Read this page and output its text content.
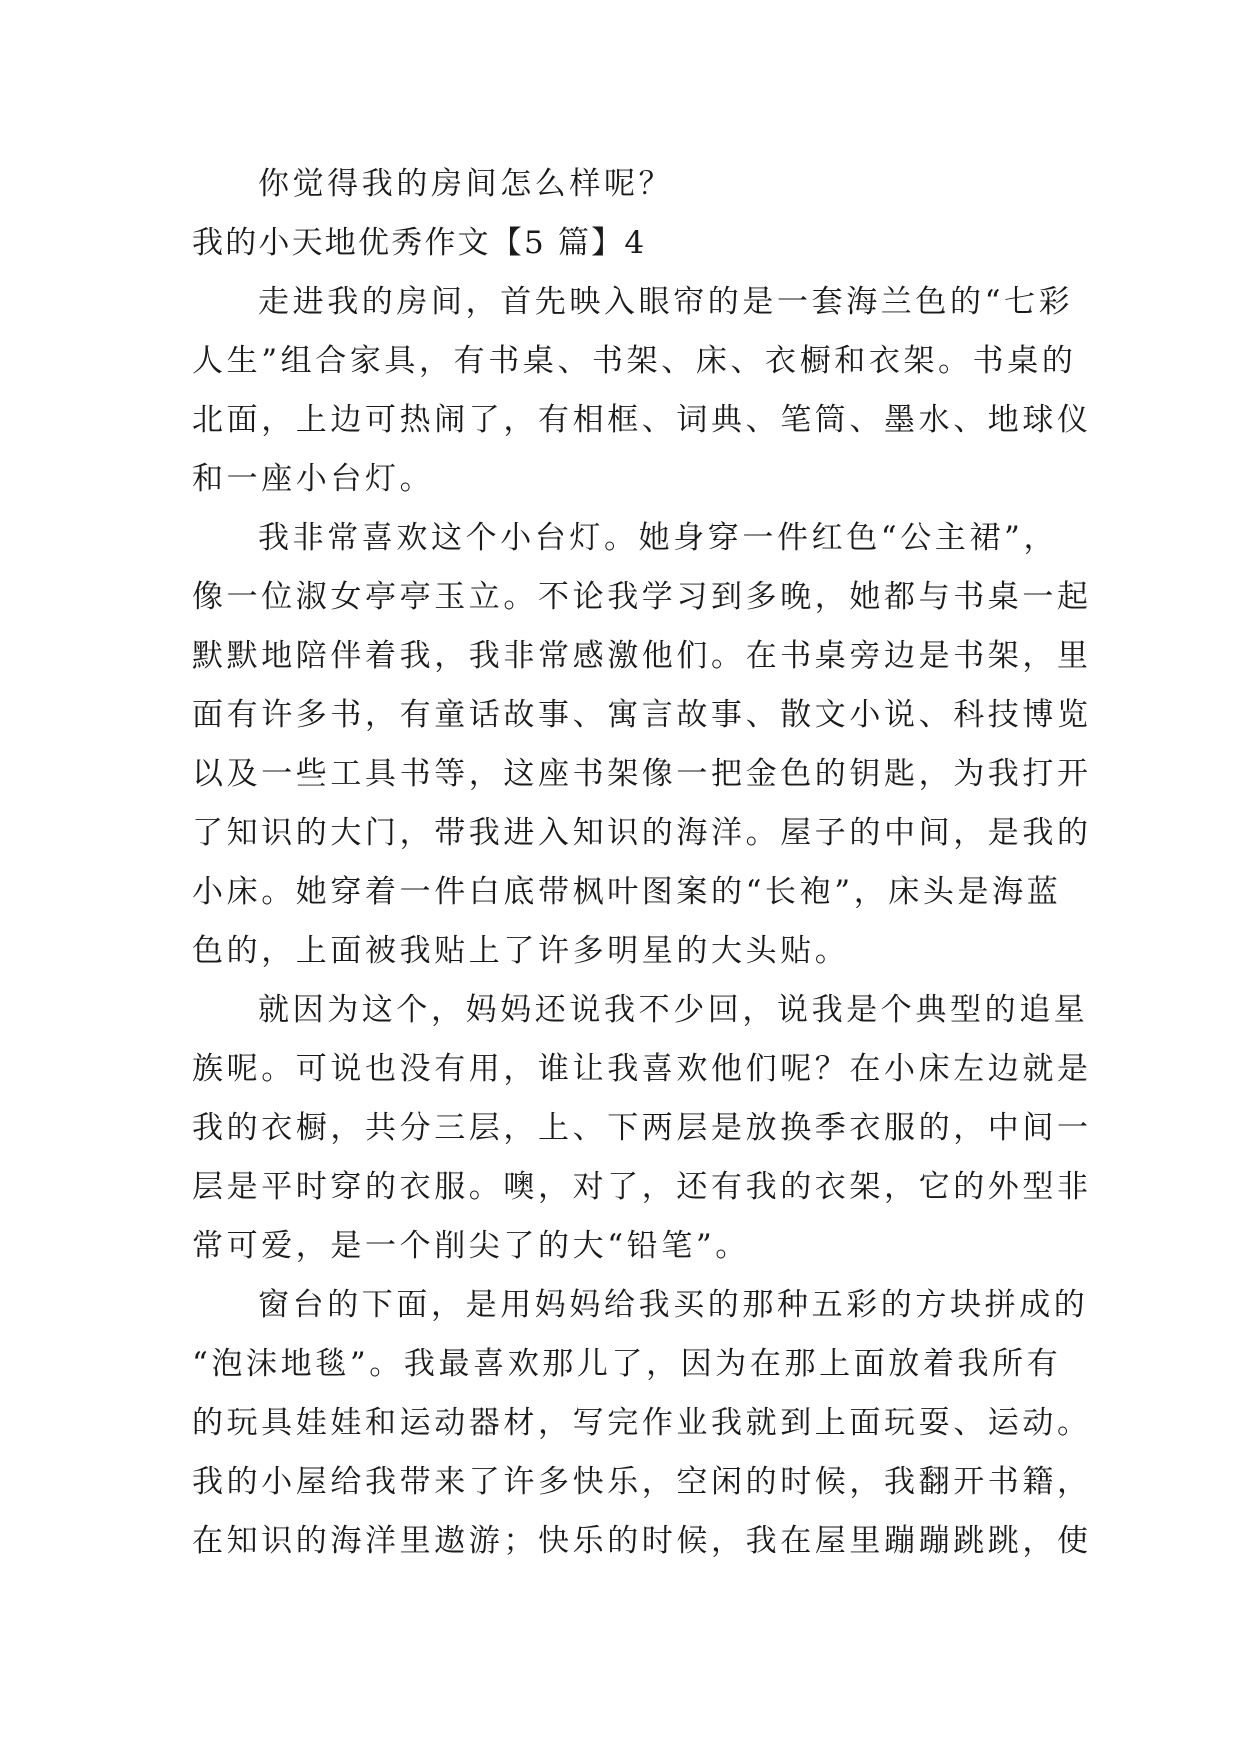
你觉得我的房间怎么样呢？
我的小天地优秀作文【5 篇】4
走进我的房间，首先映入眼帘的是一套海兰色的“七彩
人生”组合家具，有书桌、书架、床、衣橱和衣架。书桌的
北面，上边可热闹了，有相框、词典、笔筒、墨水、地球仪
和一座小台灯。
我非常喜欢这个小台灯。她身穿一件红色“公主裙”，
像一位淑女亭亭玉立。不论我学习到多晚，她都与书桌一起
默默地陪伴着我，我非常感激他们。在书桌旁边是书架，里
面有许多书，有童话故事、寓言故事、散文小说、科技博览
以及一些工具书等，这座书架像一把金色的钥匙，为我打开
了知识的大门，带我进入知识的海洋。屋子的中间，是我的
小床。她穿着一件白底带枫叶图案的“长袍”，床头是海蓝
色的，上面被我贴上了许多明星的大头贴。
就因为这个，妈妈还说我不少回，说我是个典型的追星
族呢。可说也没有用，谁让我喜欢他们呢？在小床左边就是
我的衣橱，共分三层，上、下两层是放换季衣服的，中间一
层是平时穿的衣服。噢，对了，还有我的衣架，它的外型非
常可爱，是一个削尖了的大“铅笔”。
窗台的下面，是用妈妈给我买的那种五彩的方块拼成的
“泡沫地毯”。我最喜欢那儿了，因为在那上面放着我所有
的玩具娃娃和运动器材，写完作业我就到上面玩耍、运动。
我的小屋给我带来了许多快乐，空闲的时候，我翻开书籍，
在知识的海洋里遨游；快乐的时候，我在屋里蹦蹦跳跳，使
